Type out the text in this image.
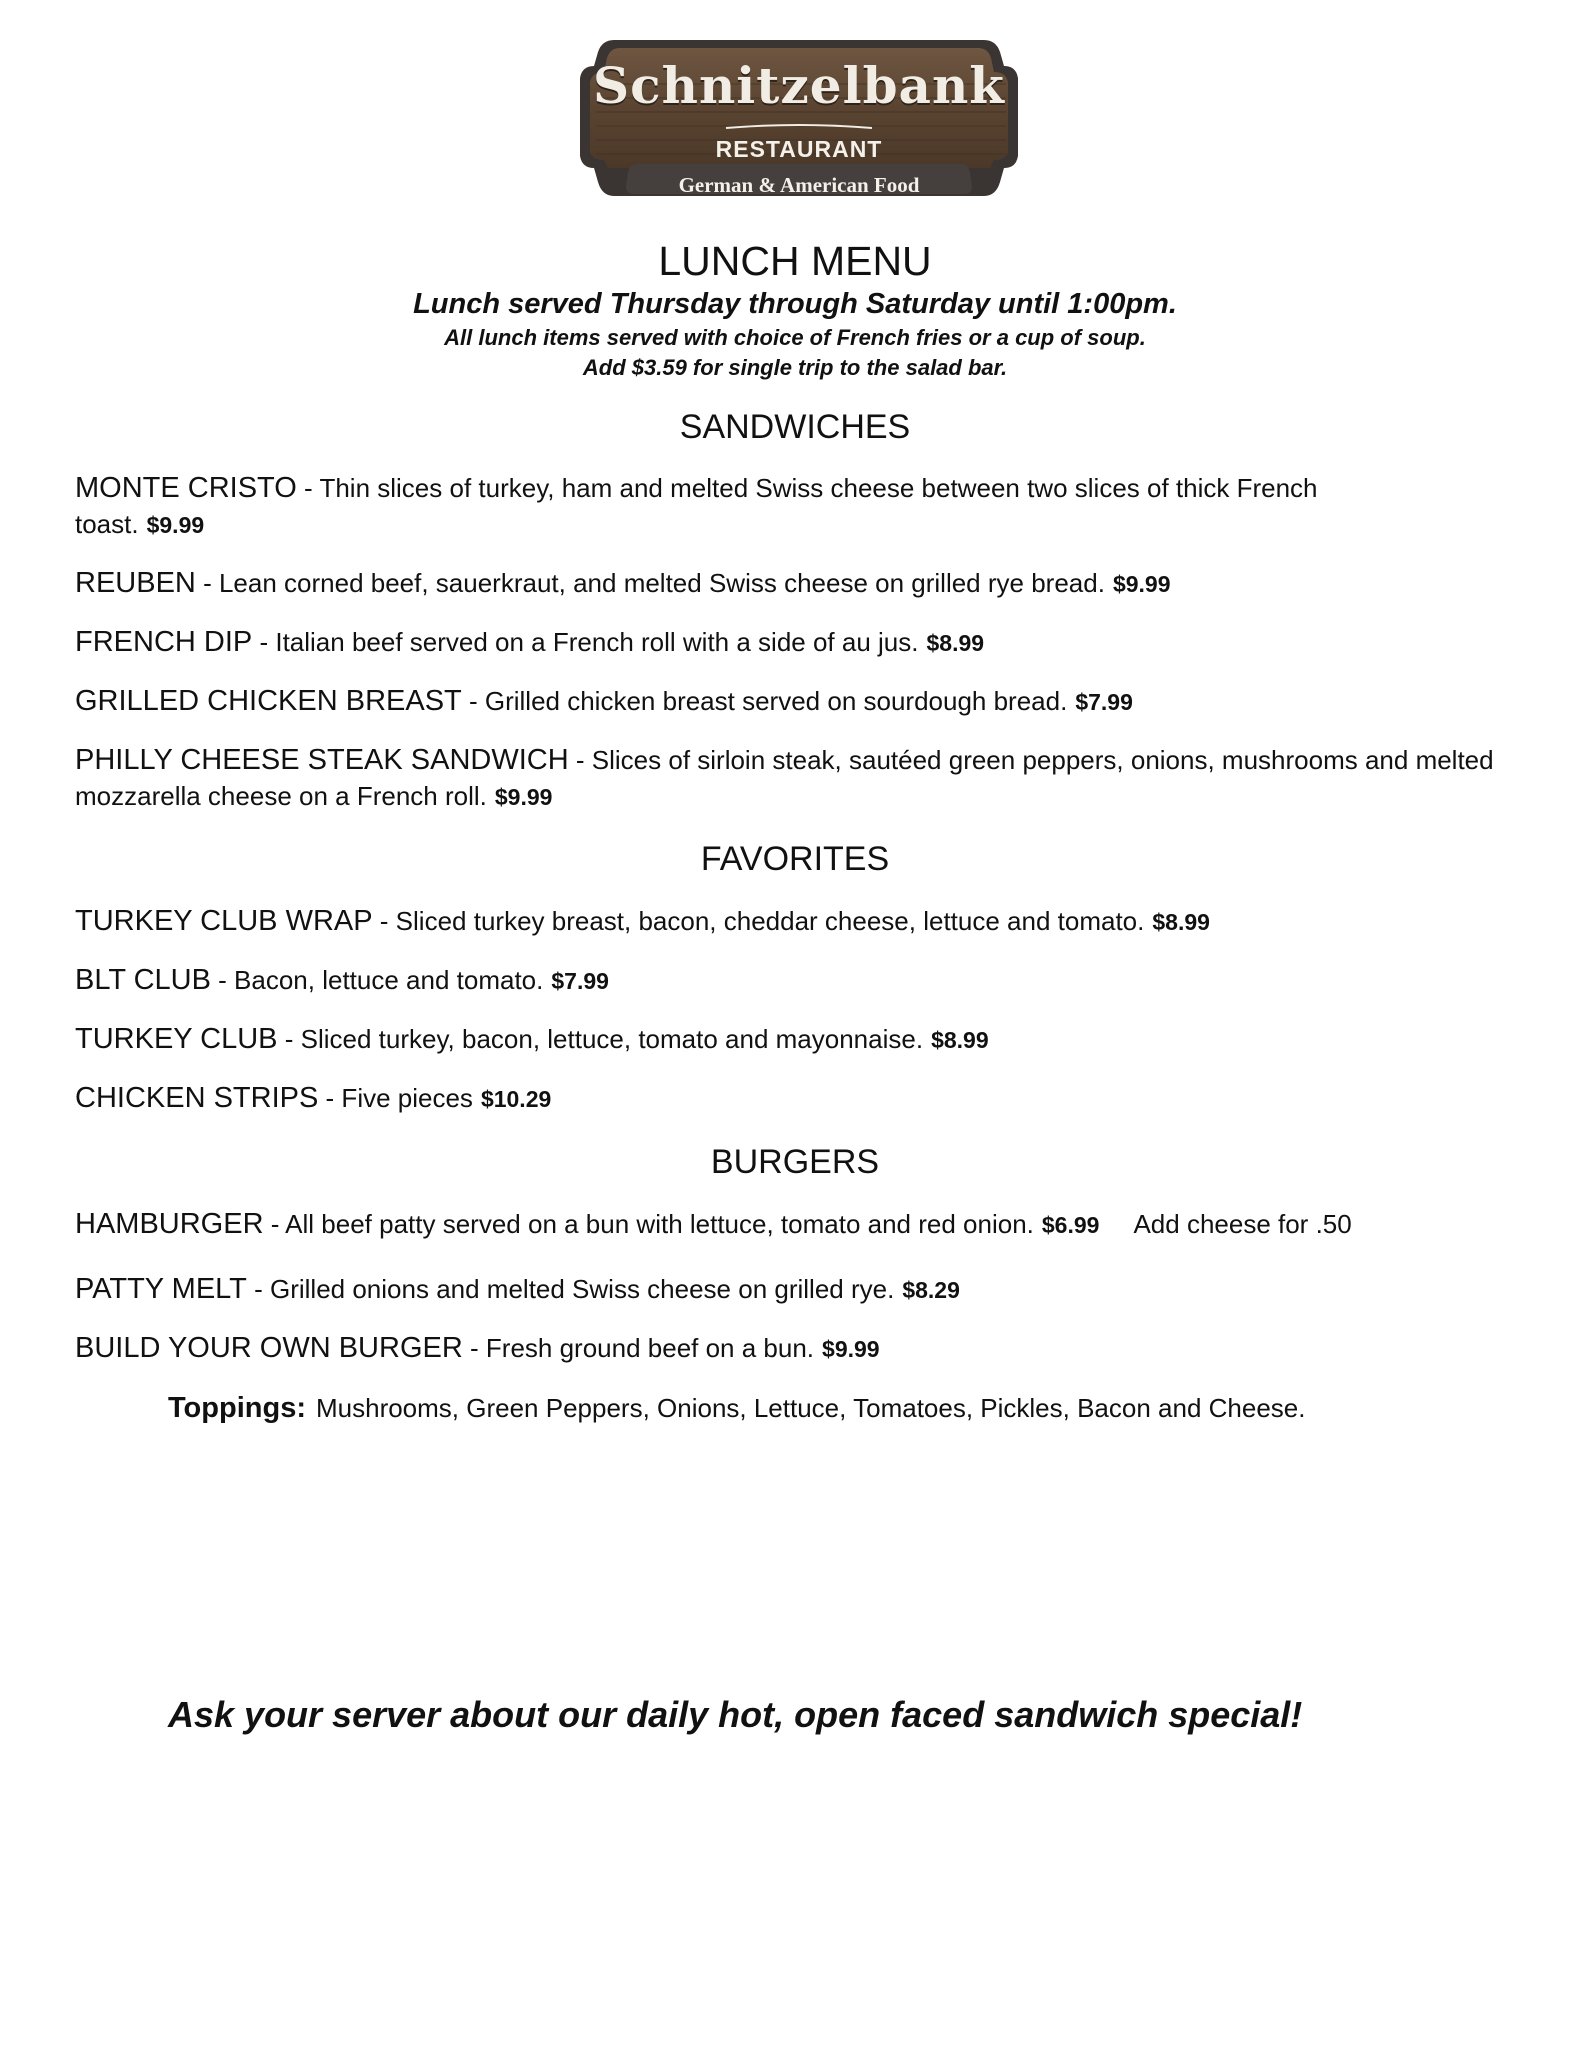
Schnitzelbank
RESTAURANT
German & American Food
LUNCH MENU
Lunch served Thursday through Saturday until 1:00pm.
All lunch items served with choice of French fries or a cup of soup.
Add $3.59 for single trip to the salad bar.
SANDWICHES
MONTE CRISTO - Thin slices of turkey, ham and melted Swiss cheese between two slices of thick French toast. $9.99
REUBEN - Lean corned beef, sauerkraut, and melted Swiss cheese on grilled rye bread. $9.99
FRENCH DIP - Italian beef served on a French roll with a side of au jus. $8.99
GRILLED CHICKEN BREAST - Grilled chicken breast served on sourdough bread. $7.99
PHILLY CHEESE STEAK SANDWICH - Slices of sirloin steak, sautéed green peppers, onions, mushrooms and melted mozzarella cheese on a French roll. $9.99
FAVORITES
TURKEY CLUB WRAP - Sliced turkey breast, bacon, cheddar cheese, lettuce and tomato. $8.99
BLT CLUB - Bacon, lettuce and tomato. $7.99
TURKEY CLUB - Sliced turkey, bacon, lettuce, tomato and mayonnaise. $8.99
CHICKEN STRIPS - Five pieces $10.29
BURGERS
HAMBURGER - All beef patty served on a bun with lettuce, tomato and red onion. $6.99 Add cheese for .50
PATTY MELT - Grilled onions and melted Swiss cheese on grilled rye. $8.29
BUILD YOUR OWN BURGER - Fresh ground beef on a bun. $9.99
Toppings: Mushrooms, Green Peppers, Onions, Lettuce, Tomatoes, Pickles, Bacon and Cheese.
Ask your server about our daily hot, open faced sandwich special!
